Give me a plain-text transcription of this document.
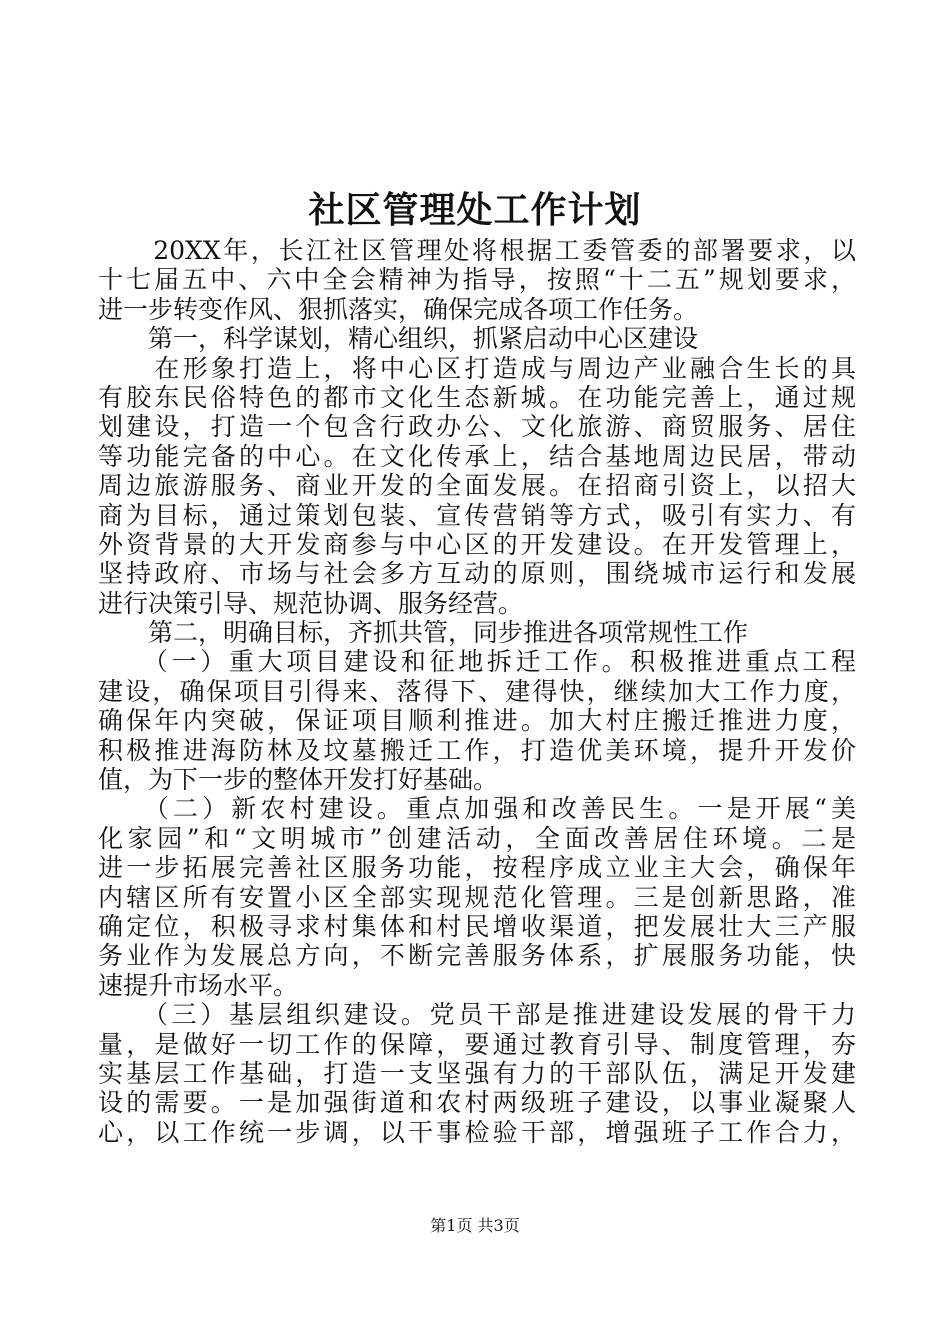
社区管理处工作计划
　　20XX年，长江社区管理处将根据工委管委的部署要求，以
十七届五中、六中全会精神为指导，按照“十二五”规划要求，
进一步转变作风、狠抓落实，确保完成各项工作任务。
　　第一，科学谋划，精心组织，抓紧启动中心区建设
　　在形象打造上，将中心区打造成与周边产业融合生长的具
有胶东民俗特色的都市文化生态新城。在功能完善上，通过规
划建设，打造一个包含行政办公、文化旅游、商贸服务、居住
等功能完备的中心。在文化传承上，结合基地周边民居，带动
周边旅游服务、商业开发的全面发展。在招商引资上，以招大
商为目标，通过策划包装、宣传营销等方式，吸引有实力、有
外资背景的大开发商参与中心区的开发建设。在开发管理上，
坚持政府、市场与社会多方互动的原则，围绕城市运行和发展
进行决策引导、规范协调、服务经营。
　　第二，明确目标，齐抓共管，同步推进各项常规性工作
　　（一）重大项目建设和征地拆迁工作。积极推进重点工程
建设，确保项目引得来、落得下、建得快，继续加大工作力度，
确保年内突破，保证项目顺利推进。加大村庄搬迁推进力度，
积极推进海防林及坟墓搬迁工作，打造优美环境，提升开发价
值，为下一步的整体开发打好基础。
　　（二）新农村建设。重点加强和改善民生。一是开展“美
化家园”和“文明城市”创建活动，全面改善居住环境。二是
进一步拓展完善社区服务功能，按程序成立业主大会，确保年
内辖区所有安置小区全部实现规范化管理。三是创新思路，准
确定位，积极寻求村集体和村民增收渠道，把发展壮大三产服
务业作为发展总方向，不断完善服务体系，扩展服务功能，快
速提升市场水平。
　　（三）基层组织建设。党员干部是推进建设发展的骨干力
量，是做好一切工作的保障，要通过教育引导、制度管理，夯
实基层工作基础，打造一支坚强有力的干部队伍，满足开发建
设的需要。一是加强街道和农村两级班子建设，以事业凝聚人
心，以工作统一步调，以干事检验干部，增强班子工作合力，
第1页 共3页
